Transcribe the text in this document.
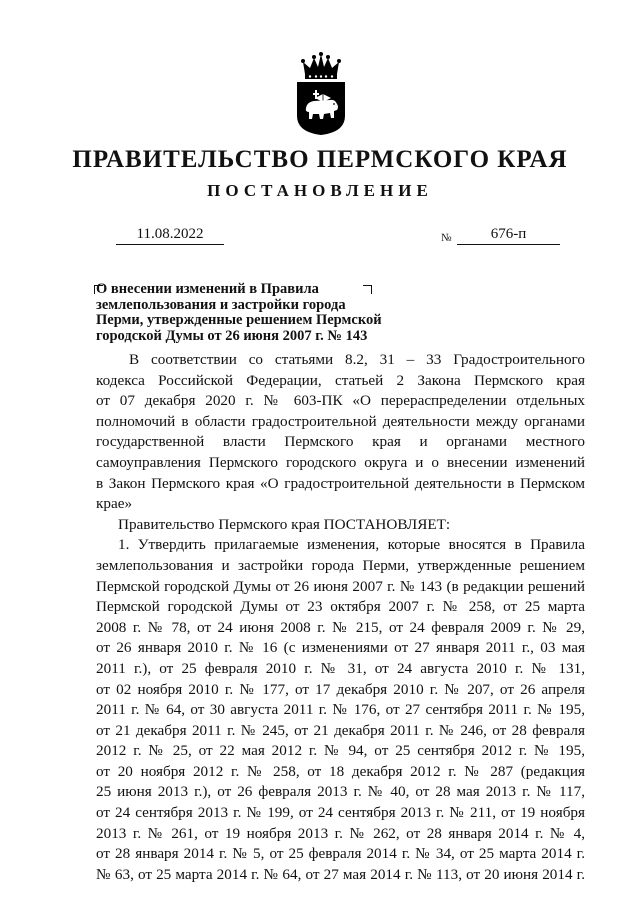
ПРАВИТЕЛЬСТВО ПЕРМСКОГО КРАЯ
ПОСТАНОВЛЕНИЕ
11.08.2022	№	676-п
О внесении изменений в Правила
землепользования и застройки города
Перми, утвержденные решением Пермской
городской Думы от 26 июня 2007 г. № 143
В соответствии со статьями 8.2, 31 – 33 Градостроительного
кодекса Российской Федерации, статьей 2 Закона Пермского края
от 07 декабря 2020 г. № 603-ПК «О перераспределении отдельных
полномочий в области градостроительной деятельности между органами
государственной власти Пермского края и органами местного
самоуправления Пермского городского округа и о внесении изменений
в Закон Пермского края «О градостроительной деятельности в Пермском
крае»
Правительство Пермского края ПОСТАНОВЛЯЕТ:
1. Утвердить прилагаемые изменения, которые вносятся в Правила
землепользования и застройки города Перми, утвержденные решением
Пермской городской Думы от 26 июня 2007 г. № 143 (в редакции решений
Пермской городской Думы от 23 октября 2007 г. № 258, от 25 марта
2008 г. № 78, от 24 июня 2008 г. № 215, от 24 февраля 2009 г. № 29,
от 26 января 2010 г. № 16 (с изменениями от 27 января 2011 г., 03 мая
2011 г.), от 25 февраля 2010 г. № 31, от 24 августа 2010 г. № 131,
от 02 ноября 2010 г. № 177, от 17 декабря 2010 г. № 207, от 26 апреля
2011 г. № 64, от 30 августа 2011 г. № 176, от 27 сентября 2011 г. № 195,
от 21 декабря 2011 г. № 245, от 21 декабря 2011 г. № 246, от 28 февраля
2012 г. № 25, от 22 мая 2012 г. № 94, от 25 сентября 2012 г. № 195,
от 20 ноября 2012 г. № 258, от 18 декабря 2012 г. № 287 (редакция
25 июня 2013 г.), от 26 февраля 2013 г. № 40, от 28 мая 2013 г. № 117,
от 24 сентября 2013 г. № 199, от 24 сентября 2013 г. № 211, от 19 ноября
2013 г. № 261, от 19 ноября 2013 г. № 262, от 28 января 2014 г. № 4,
от 28 января 2014 г. № 5, от 25 февраля 2014 г. № 34, от 25 марта 2014 г.
№ 63, от 25 марта 2014 г. № 64, от 27 мая 2014 г. № 113, от 20 июня 2014 г.
